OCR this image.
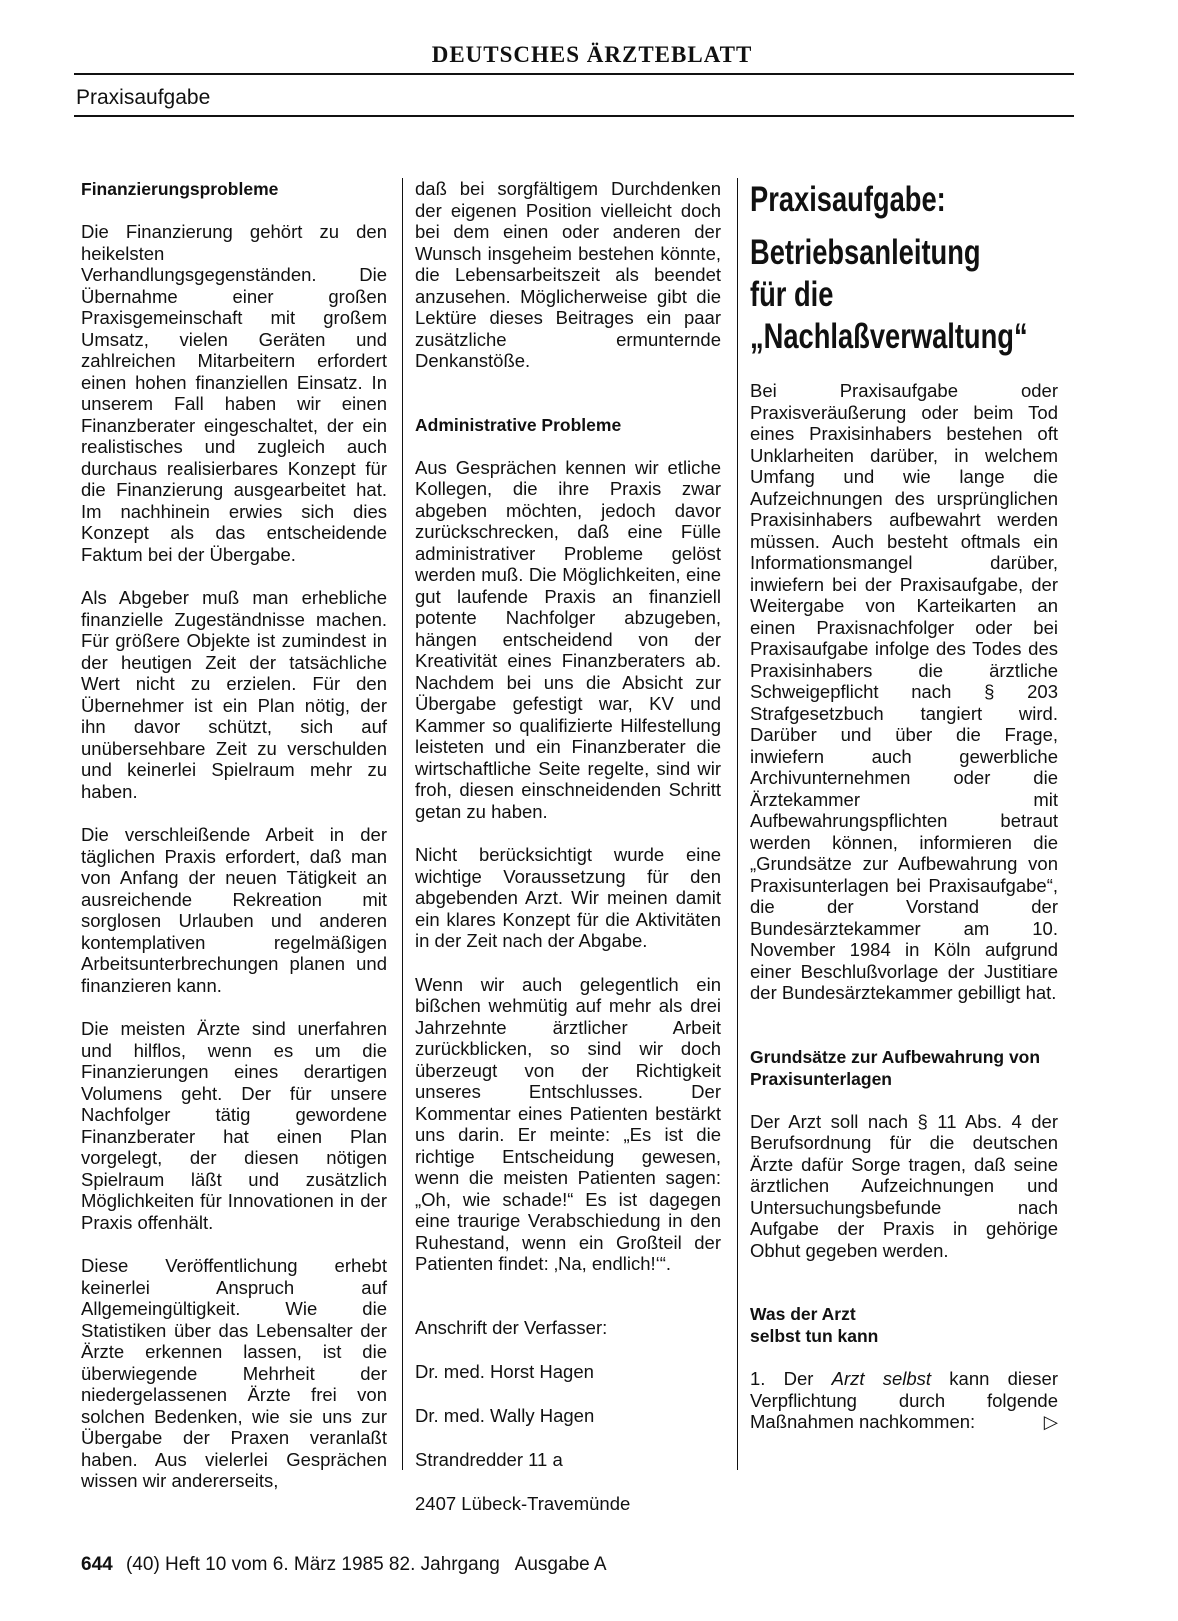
DEUTSCHES ÄRZTEBLATT
Praxisaufgabe
Finanzierungsprobleme

Die Finanzierung gehört zu den heikelsten Verhandlungsgegenständen. Die Übernahme einer großen Praxisgemeinschaft mit großem Umsatz, vielen Geräten und zahlreichen Mitarbeitern erfordert einen hohen finanziellen Einsatz. In unserem Fall haben wir einen Finanzberater eingeschaltet, der ein realistisches und zugleich auch durchaus realisierbares Konzept für die Finanzierung ausgearbeitet hat. Im nachhinein erwies sich dies Konzept als das entscheidende Faktum bei der Übergabe.

Als Abgeber muß man erhebliche finanzielle Zugeständnisse machen. Für größere Objekte ist zumindest in der heutigen Zeit der tatsächliche Wert nicht zu erzielen. Für den Übernehmer ist ein Plan nötig, der ihn davor schützt, sich auf unübersehbare Zeit zu verschulden und keinerlei Spielraum mehr zu haben.

Die verschleißende Arbeit in der täglichen Praxis erfordert, daß man von Anfang der neuen Tätigkeit an ausreichende Rekreation mit sorglosen Urlauben und anderen kontemplativen regelmäßigen Arbeitsunterbrechungen planen und finanzieren kann.

Die meisten Ärzte sind unerfahren und hilflos, wenn es um die Finanzierungen eines derartigen Volumens geht. Der für unsere Nachfolger tätig gewordene Finanzberater hat einen Plan vorgelegt, der diesen nötigen Spielraum läßt und zusätzlich Möglichkeiten für Innovationen in der Praxis offenhält.

Diese Veröffentlichung erhebt keinerlei Anspruch auf Allgemeingültigkeit. Wie die Statistiken über das Lebensalter der Ärzte erkennen lassen, ist die überwiegende Mehrheit der niedergelassenen Ärzte frei von solchen Bedenken, wie sie uns zur Übergabe der Praxen veranlaßt haben. Aus vielerlei Gesprächen wissen wir andererseits,

daß bei sorgfältigem Durchdenken der eigenen Position vielleicht doch bei dem einen oder anderen der Wunsch insgeheim bestehen könnte, die Lebensarbeitszeit als beendet anzusehen. Möglicherweise gibt die Lektüre dieses Beitrages ein paar zusätzliche ermunternde Denkanstöße.

Administrative Probleme

Aus Gesprächen kennen wir etliche Kollegen, die ihre Praxis zwar abgeben möchten, jedoch davor zurückschrecken, daß eine Fülle administrativer Probleme gelöst werden muß. Die Möglichkeiten, eine gut laufende Praxis an finanziell potente Nachfolger abzugeben, hängen entscheidend von der Kreativität eines Finanzberaters ab. Nachdem bei uns die Absicht zur Übergabe gefestigt war, KV und Kammer so qualifizierte Hilfestellung leisteten und ein Finanzberater die wirtschaftliche Seite regelte, sind wir froh, diesen einschneidenden Schritt getan zu haben.

Nicht berücksichtigt wurde eine wichtige Voraussetzung für den abgebenden Arzt. Wir meinen damit ein klares Konzept für die Aktivitäten in der Zeit nach der Abgabe.

Wenn wir auch gelegentlich ein bißchen wehmütig auf mehr als drei Jahrzehnte ärztlicher Arbeit zurückblicken, so sind wir doch überzeugt von der Richtigkeit unseres Entschlusses. Der Kommentar eines Patienten bestärkt uns darin. Er meinte: „Es ist die richtige Entscheidung gewesen, wenn die meisten Patienten sagen: „Oh, wie schade!“ Es ist dagegen eine traurige Verabschiedung in den Ruhestand, wenn ein Großteil der Patienten findet: ‚Na, endlich!‘“.

Anschrift der Verfasser:

Dr. med. Horst Hagen

Dr. med. Wally Hagen

Strandredder 11 a

2407 Lübeck-Travemünde

Praxisaufgabe:
Betriebsanleitung
für die
„Nachlaßverwaltung“

Bei Praxisaufgabe oder Praxisveräußerung oder beim Tod eines Praxisinhabers bestehen oft Unklarheiten darüber, in welchem Umfang und wie lange die Aufzeichnungen des ursprünglichen Praxisinhabers aufbewahrt werden müssen. Auch besteht oftmals ein Informationsmangel darüber, inwiefern bei der Praxisaufgabe, der Weitergabe von Karteikarten an einen Praxisnachfolger oder bei Praxisaufgabe infolge des Todes des Praxisinhabers die ärztliche Schweigepflicht nach § 203 Strafgesetzbuch tangiert wird. Darüber und über die Frage, inwiefern auch gewerbliche Archivunternehmen oder die Ärztekammer mit Aufbewahrungspflichten betraut werden können, informieren die „Grundsätze zur Aufbewahrung von Praxisunterlagen bei Praxisaufgabe“, die der Vorstand der Bundesärztekammer am 10. November 1984 in Köln aufgrund einer Beschlußvorlage der Justitiare der Bundesärztekammer gebilligt hat.

Grundsätze zur Aufbewahrung von Praxisunterlagen

Der Arzt soll nach § 11 Abs. 4 der Berufsordnung für die deutschen Ärzte dafür Sorge tragen, daß seine ärztlichen Aufzeichnungen und Untersuchungsbefunde nach Aufgabe der Praxis in gehörige Obhut gegeben werden.

Was der Arzt
selbst tun kann

1. Der Arzt selbst kann dieser Verpflichtung durch folgende Maßnahmen nachkommen:	▷

644 (40) Heft 10 vom 6. März 1985 82. Jahrgang   Ausgabe A
